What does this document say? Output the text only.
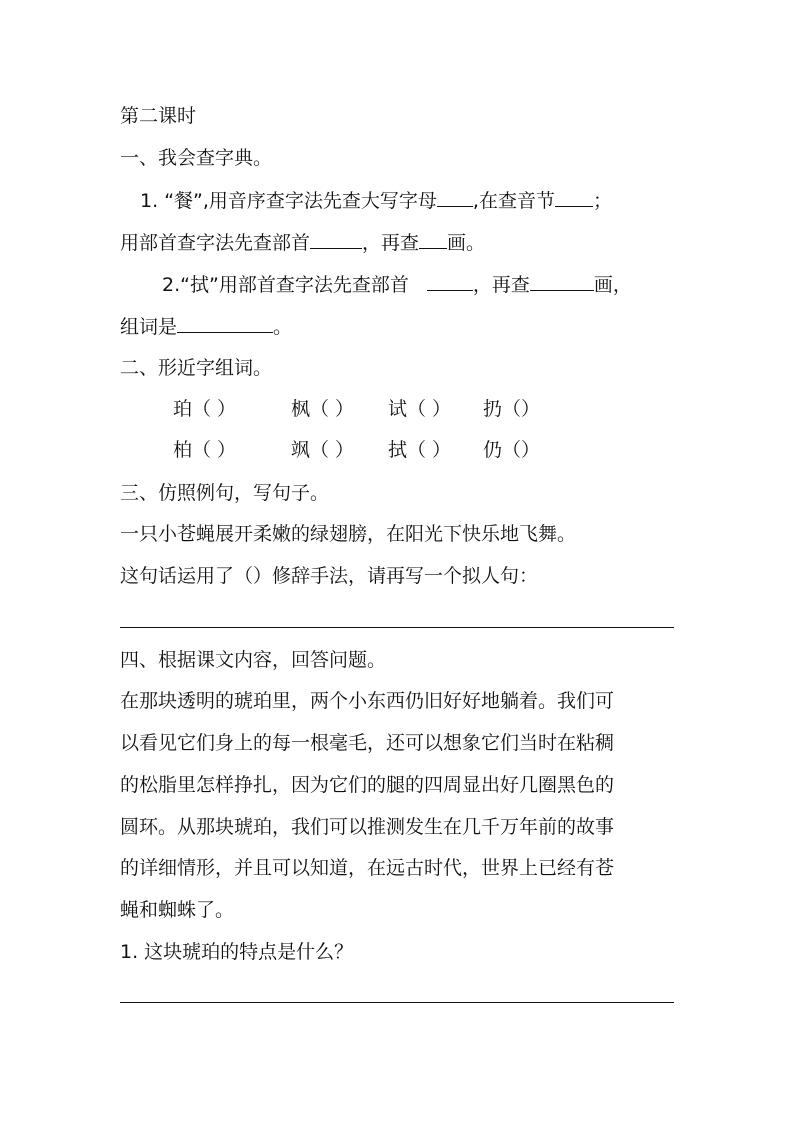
第二课时
一、我会查字典。
1. “餐”,用音序查字法先查大写字母 ,在查音节 ；
用部首查字法先查部首	，再查 画。
2.“拭”用部首查字法先查部首	，再查	画，
组词是	。
二、形近字组词。
珀（ ）	枫（ ） 试（ ） 扔（）
柏（ ）	飒（ ） 拭（ ） 仍（）
三、仿照例句，写句子。
一只小苍蝇展开柔嫩的绿翅膀，在阳光下快乐地飞舞。
这句话运用了（）修辞手法，请再写一个拟人句：
四、根据课文内容，回答问题。
在那块透明的琥珀里，两个小东西仍旧好好地躺着。我们可
以看见它们身上的每一根毫毛，还可以想象它们当时在粘稠
的松脂里怎样挣扎，因为它们的腿的四周显出好几圈黑色的
圆环。从那块琥珀，我们可以推测发生在几千万年前的故事
的详细情形，并且可以知道，在远古时代，世界上已经有苍
蝇和蜘蛛了。
1. 这块琥珀的特点是什么？
